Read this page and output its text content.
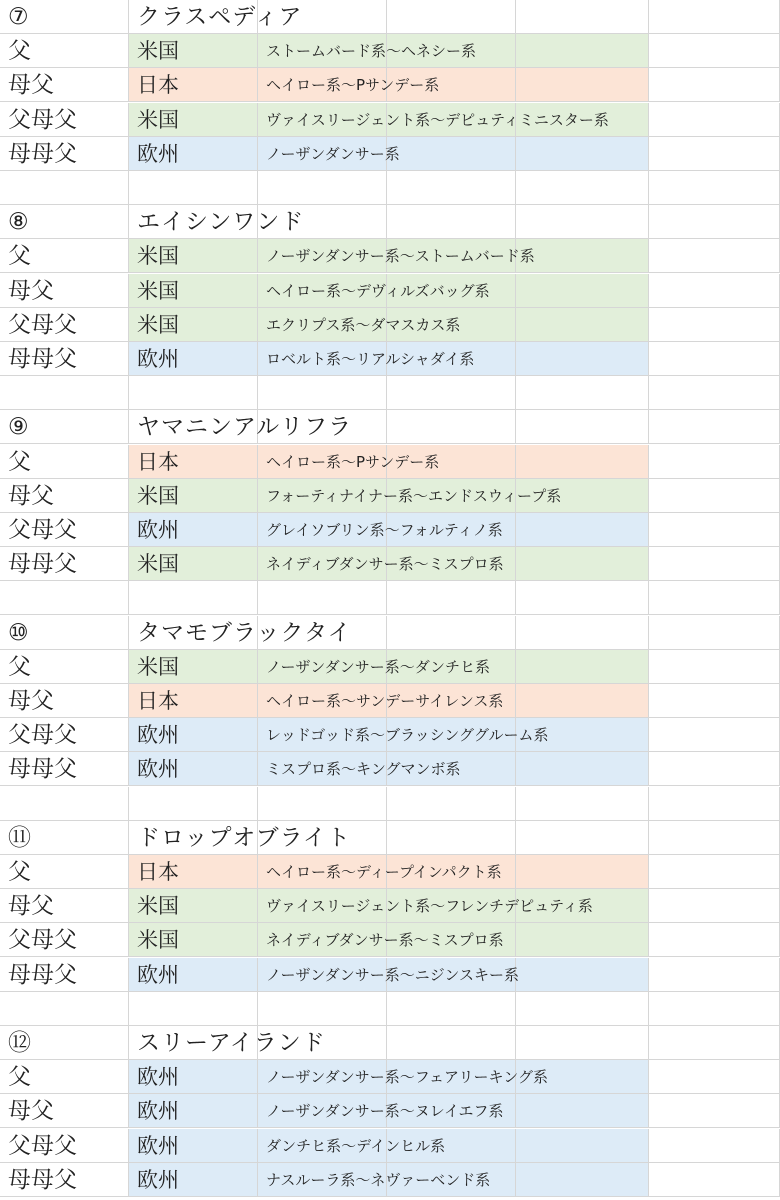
⑦	クラスペディア
父	米国	ストームバード系～ヘネシー系
母父	日本	ヘイロー系～Pサンデー系
父母父	米国	ヴァイスリージェント系～デピュティミニスター系
母母父	欧州	ノーザンダンサー系
⑧	エイシンワンド
父	米国	ノーザンダンサー系～ストームバード系
母父	米国	ヘイロー系～デヴィルズバッグ系
父母父	米国	エクリプス系～ダマスカス系
母母父	欧州	ロベルト系～リアルシャダイ系
⑨	ヤマニンアルリフラ
父	日本	ヘイロー系～Pサンデー系
母父	米国	フォーティナイナー系～エンドスウィープ系
父母父	欧州	グレイソブリン系～フォルティノ系
母母父	米国	ネイディブダンサー系～ミスプロ系
⑩	タマモブラックタイ
父	米国	ノーザンダンサー系～ダンチヒ系
母父	日本	ヘイロー系～サンデーサイレンス系
父母父	欧州	レッドゴッド系～ブラッシンググルーム系
母母父	欧州	ミスプロ系～キングマンボ系
⑪	ドロップオブライト
父	日本	ヘイロー系～ディープインパクト系
母父	米国	ヴァイスリージェント系～フレンチデピュティ系
父母父	米国	ネイディブダンサー系～ミスプロ系
母母父	欧州	ノーザンダンサー系～ニジンスキー系
⑫	スリーアイランド
父	欧州	ノーザンダンサー系～フェアリーキング系
母父	欧州	ノーザンダンサー系～ヌレイエフ系
父母父	欧州	ダンチヒ系～デインヒル系
母母父	欧州	ナスルーラ系～ネヴァーベンド系
